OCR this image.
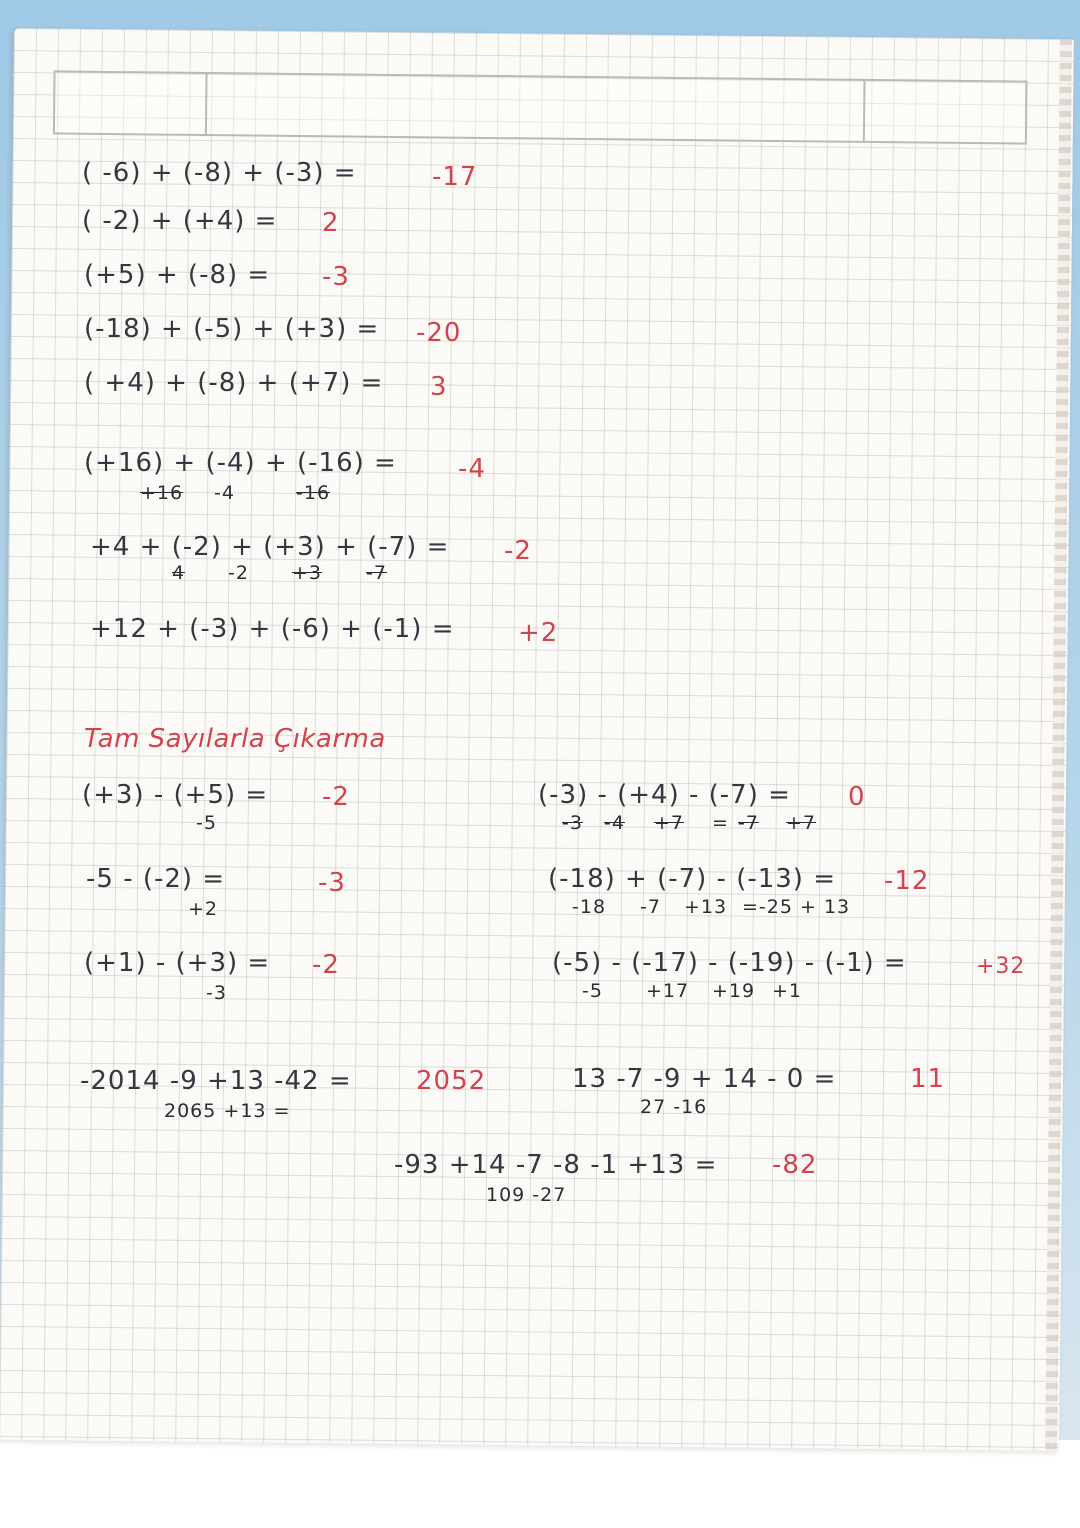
( -6) + (-8) + (-3) =	-17
( -2) + (+4) = 2
(+5) + (-8) = -3
(-18) + (-5) + (+3) = -20
( +4) + (-8) + (+7) = 3
(+16) + (-4) + (-16) = -4
+16 -4	-16
+4 + (-2) + (+3) + (-7) = -2
4 -2 +3 -7
+12 + (-3) + (-6) + (-1) = +2
Tam Sayılarla Çıkarma
(+3) - (+5) = -2
-5
-5 - (-2) =	-3
+2
(+1) - (+3) = -2
-3
(-3) - (+4) - (-7) = 0
-3 -4 +7 = -7 +7
(-18) + (-7) - (-13) = -12
-18 -7 +13 =-25 + 13
(-5) - (-17) - (-19) - (-1) =	+32
-5 +17 +19 +1
-2014 -9 +13 -42 = 2052
2065 +13 =
13 -7 -9 + 14 - 0 =	11
27 -16
-93 +14 -7 -8 -1 +13 = -82
109 -27
